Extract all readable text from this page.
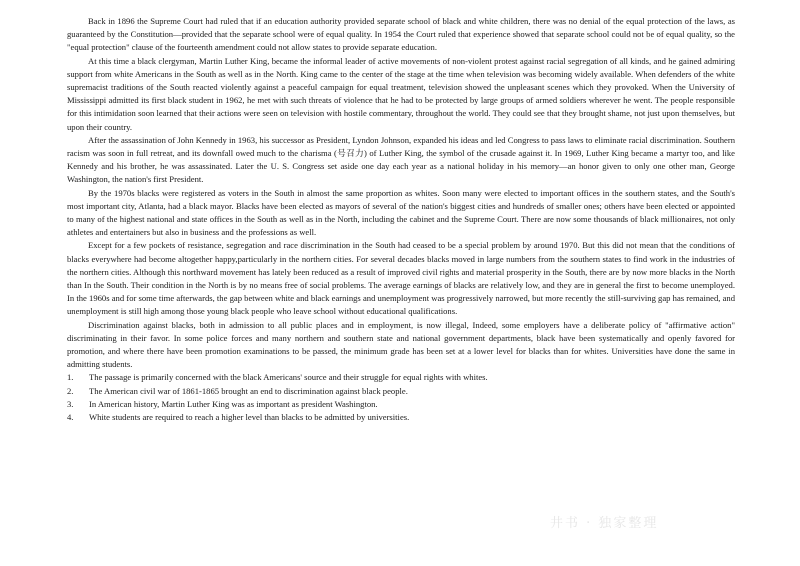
Back in 1896 the Supreme Court had ruled that if an education authority provided separate school of black and white children, there was no denial of the equal protection of the laws, as guaranteed by the Constitution—provided that the separate school were of equal quality. In 1954 the Court ruled that experience showed that separate school could not be of equal quality, so the "equal protection" clause of the fourteenth amendment could not allow states to provide separate education.

At this time a black clergyman, Martin Luther King, became the informal leader of active movements of non-violent protest against racial segregation of all kinds, and he gained admiring support from white Americans in the South as well as in the North. King came to the center of the stage at the time when television was becoming widely available. When defenders of the white supremacist traditions of the South reacted violently against a peaceful campaign for equal treatment, television showed the unpleasant scenes which they provoked. When the University of Mississippi admitted its first black student in 1962, he met with such threats of violence that he had to be protected by large groups of armed soldiers wherever he went. The people responsible for this intimidation soon learned that their actions were seen on television with hostile commentary, throughout the world. They could see that they brought shame, not just upon themselves, but upon their country.

After the assassination of John Kennedy in 1963, his successor as President, Lyndon Johnson, expanded his ideas and led Congress to pass laws to eliminate racial discrimination. Southern racism was soon in full retreat, and its downfall owed much to the charisma (号召力) of Luther King, the symbol of the crusade against it. In 1969, Luther King became a martyr too, and like Kennedy and his brother, he was assassinated. Later the U. S. Congress set aside one day each year as a national holiday in his memory—an honor given to only one other man, George Washington, the nation's first President.

By the 1970s blacks were registered as voters in the South in almost the same proportion as whites. Soon many were elected to important offices in the southern states, and the South's most important city, Atlanta, had a black mayor. Blacks have been elected as mayors of several of the nation's biggest cities and hundreds of smaller ones; others have been elected or appointed to many of the highest national and state offices in the South as well as in the North, including the cabinet and the Supreme Court. There are now some thousands of black millionaires, not only athletes and entertainers but also in business and the professions as well.

Except for a few pockets of resistance, segregation and race discrimination in the South had ceased to be a special problem by around 1970. But this did not mean that the conditions of blacks everywhere had become altogether happy,particularly in the northern cities. For several decades blacks moved in large numbers from the southern states to find work in the industries of the northern cities. Although this northward movement has lately been reduced as a result of improved civil rights and material prosperity in the South, there are by now more blacks in the North than In the South. Their condition in the North is by no means free of social problems. The average earnings of blacks are relatively low, and they are in general the first to become unemployed. In the 1960s and for some time afterwards, the gap between white and black earnings and unemployment was progressively narrowed, but more recently the still-surviving gap has remained, and unemployment is still high among those young black people who leave school without educational qualifications.

Discrimination against blacks, both in admission to all public places and in employment, is now illegal, Indeed, some employers have a deliberate policy of "affirmative action" discriminating in their favor. In some police forces and many northern and southern state and national government departments, black have been systematically and openly favored for promotion, and where there have been promotion examinations to be passed, the minimum grade has been set at a lower level for blacks than for whites. Universities have done the same in admitting students.

1.	The passage is primarily concerned with the black Americans' source and their struggle for equal rights with whites.
2.	The American civil war of 1861-1865 brought an end to discrimination against black people.
3.	In American history, Martin Luther King was as important as president Washington.
4.	White students are required to reach a higher level than blacks to be admitted by universities.
井书 · 独家整理
